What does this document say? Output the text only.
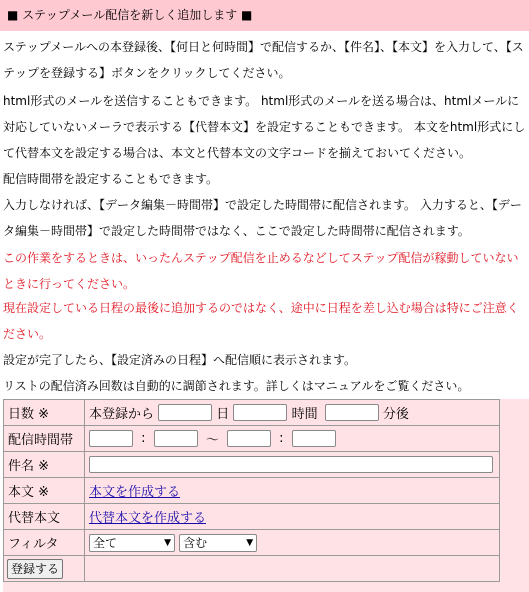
■ ステップメール配信を新しく追加します ■

ステップメールへの本登録後、【何日と何時間】で配信するか、【件名】、【本文】を入力して、【ステップを登録する】ボタンをクリックしてください。

html形式のメールを送信することもできます。 html形式のメールを送る場合は、htmlメールに対応していないメーラで表示する【代替本文】を設定することもできます。 本文をhtml形式にして代替本文を設定する場合は、本文と代替本文の文字コードを揃えておいてください。

配信時間帯を設定することもできます。

入力しなければ、【データ編集－時間帯】で設定した時間帯に配信されます。 入力すると、【データ編集－時間帯】で設定した時間帯ではなく、ここで設定した時間帯に配信されます。

この作業をするときは、いったんステップ配信を止めるなどしてステップ配信が稼動していないときに行ってください。

現在設定している日程の最後に追加するのではなく、途中に日程を差し込む場合は特にご注意ください。

設定が完了したら、【設定済みの日程】へ配信順に表示されます。

リストの配信済み回数は自動的に調節されます。詳しくはマニュアルをご覧ください。

日数 ※	本登録から 日 時間 分後
配信時間帯	: ～ :
件名 ※	
本文 ※	本文を作成する
代替本文	代替本文を作成する
フィルタ	全て ▼ 含む ▼

登録する	
